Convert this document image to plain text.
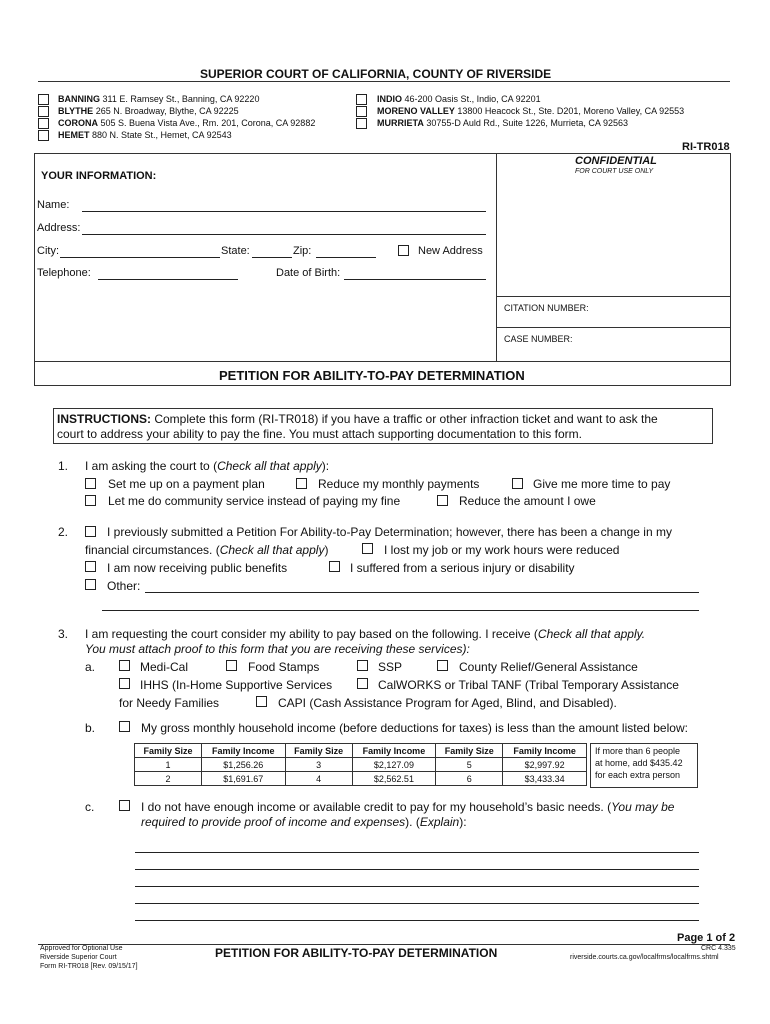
SUPERIOR COURT OF CALIFORNIA, COUNTY OF RIVERSIDE
BANNING 311 E. Ramsey St., Banning, CA 92220
BLYTHE 265 N. Broadway, Blythe, CA 92225
CORONA 505 S. Buena Vista Ave., Rm. 201, Corona, CA 92882
HEMET 880 N. State St., Hemet, CA 92543
INDIO 46-200 Oasis St., Indio, CA 92201
MORENO VALLEY 13800 Heacock St., Ste. D201, Moreno Valley, CA 92553
MURRIETA 30755-D Auld Rd., Suite 1226, Murrieta, CA 92563
RI-TR018
YOUR INFORMATION:
CONFIDENTIAL
FOR COURT USE ONLY
Name:
Address:
City:	State:	Zip:	New Address
Telephone:	Date of Birth:
CITATION NUMBER:
CASE NUMBER:
PETITION FOR ABILITY-TO-PAY DETERMINATION
INSTRUCTIONS: Complete this form (RI-TR018) if you have a traffic or other infraction ticket and want to ask the
court to address your ability to pay the fine. You must attach supporting documentation to this form.
1. I am asking the court to (Check all that apply):
Set me up on a payment plan	Reduce my monthly payments	Give me more time to pay
Let me do community service instead of paying my fine	Reduce the amount I owe
2.	I previously submitted a Petition For Ability-to-Pay Determination; however, there has been a change in my
financial circumstances. (Check all that apply)	I lost my job or my work hours were reduced
I am now receiving public benefits	I suffered from a serious injury or disability
Other:
3. I am requesting the court consider my ability to pay based on the following. I receive (Check all that apply.
You must attach proof to this form that you are receiving these services):
a.	Medi-Cal	Food Stamps	SSP	County Relief/General Assistance
IHHS (In-Home Supportive Services	CalWORKS or Tribal TANF (Tribal Temporary Assistance
for Needy Families	CAPI (Cash Assistance Program for Aged, Blind, and Disabled).
b.	My gross monthly household income (before deductions for taxes) is less than the amount listed below:
Family Size	Family Income	Family Size	Family Income	Family Size	Family Income
1	$1,256.26	3	$2,127.09	5	$2,997.92
2	$1,691.67	4	$2,562.51	6	$3,433.34
If more than 6 people
at home, add $435.42
for each extra person
c.	I do not have enough income or available credit to pay for my household’s basic needs. (You may be
required to provide proof of income and expenses). (Explain):
Page 1 of 2
Approved for Optional Use
Riverside Superior Court
Form RI-TR018 [Rev. 09/15/17]
PETITION FOR ABILITY-TO-PAY DETERMINATION	CRC 4.335
riverside.courts.ca.gov/localfrms/localfrms.shtml
